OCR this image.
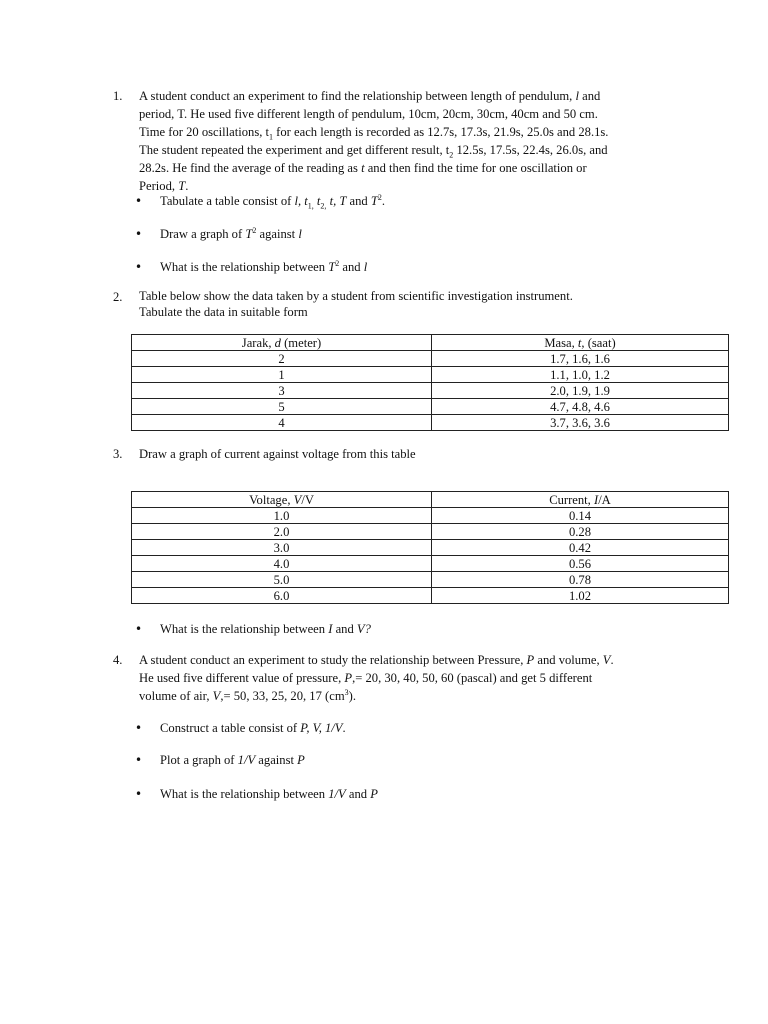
1.	A student conduct an experiment to find the relationship between length of pendulum, l and
period, T. He used five different length of pendulum, 10cm, 20cm, 30cm, 40cm and 50 cm.
Time for 20 oscillations, $t_1$ for each length is recorded as 12.7s, 17.3s, 21.9s, 25.0s and 28.1s.
The student repeated the experiment and get different result, $t_2$ 12.5s, 17.5s, 22.4s, 26.0s, and
28.2s. He find the average of the reading as t and then find the time for one oscillation or
Period, T.
• Tabulate a table consist of l, $t_{1,}$ $t_{2,}$ t, T and $T^2$.
• Draw a graph of $T^2$ against l
• What is the relationship between $T^2$ and l
2.	Table below show the data taken by a student from scientific investigation instrument.
Tabulate the data in suitable form
Jarak, d (meter)	Masa, t, (saat)
2	1.7, 1.6, 1.6
1	1.1, 1.0, 1.2
3	2.0, 1.9, 1.9
5	4.7, 4.8, 4.6
4	3.7, 3.6, 3.6
3.	Draw a graph of current against voltage from this table
Voltage, V/V	Current, I/A
1.0	0.14
2.0	0.28
3.0	0.42
4.0	0.56
5.0	0.78
6.0	1.02
• What is the relationship between I and V?
4.	A student conduct an experiment to study the relationship between Pressure, P and volume, V.
He used five different value of pressure, P,= 20, 30, 40, 50, 60 (pascal) and get 5 different
volume of air, V,= 50, 33, 25, 20, 17 $(cm^3)$.
• Construct a table consist of P, V, 1/V.
• Plot a graph of 1/V against P
• What is the relationship between 1/V and P
